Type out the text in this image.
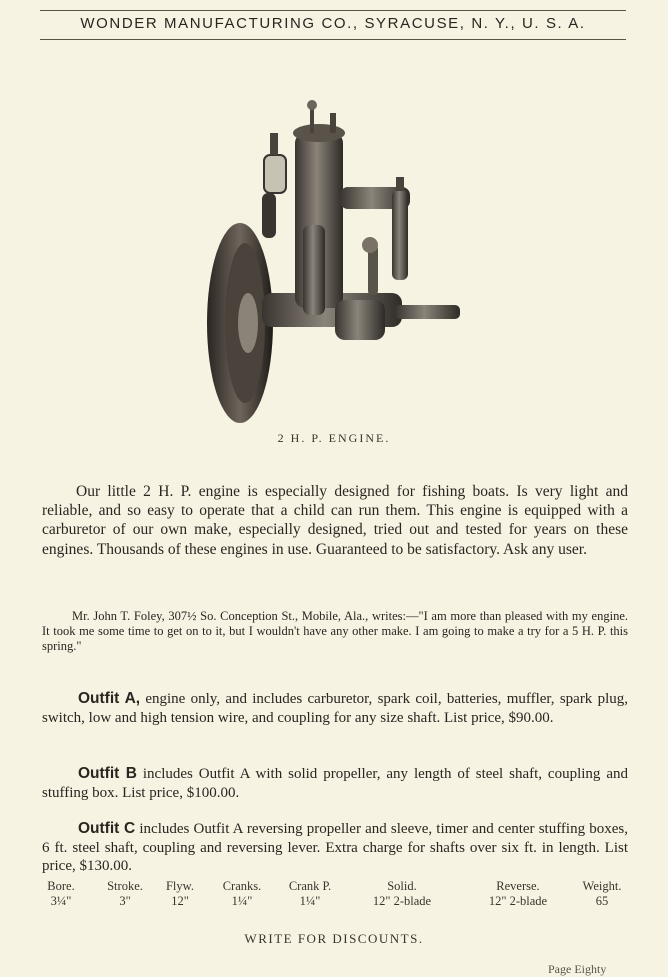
WONDER MANUFACTURING CO., SYRACUSE, N. Y., U. S. A.
2 H. P. ENGINE.

Our little 2 H. P. engine is especially designed for fishing boats. Is very light and reliable, and so easy to operate that a child can run them. This engine is equipped with a carburetor of our own make, especially designed, tried out and tested for years on these engines. Thousands of these engines in use. Guaranteed to be satisfactory. Ask any user.

Mr. John T. Foley, 307½ So. Conception St., Mobile, Ala., writes:—"I am more than pleased with my engine. It took me some time to get on to it, but I wouldn't have any other make. I am going to make a try for a 5 H. P. this spring."

Outfit A, engine only, and includes carburetor, spark coil, batteries, muffler, spark plug, switch, low and high tension wire, and coupling for any size shaft. List price, $90.00.

Outfit B includes Outfit A with solid propeller, any length of steel shaft, coupling and stuffing box. List price, $100.00.

Outfit C includes Outfit A reversing propeller and sleeve, timer and center stuffing boxes, 6 ft. steel shaft, coupling and reversing lever. Extra charge for shafts over six ft. in length. List price, $130.00.

Bore.
3¼"
Stroke.
3"
Flyw.
12"
Cranks.
1¼"
Crank P.
1¼"
Solid.
12" 2-blade
Reverse.
12" 2-blade
Weight.
65
WRITE FOR DISCOUNTS.
Page Eighty
